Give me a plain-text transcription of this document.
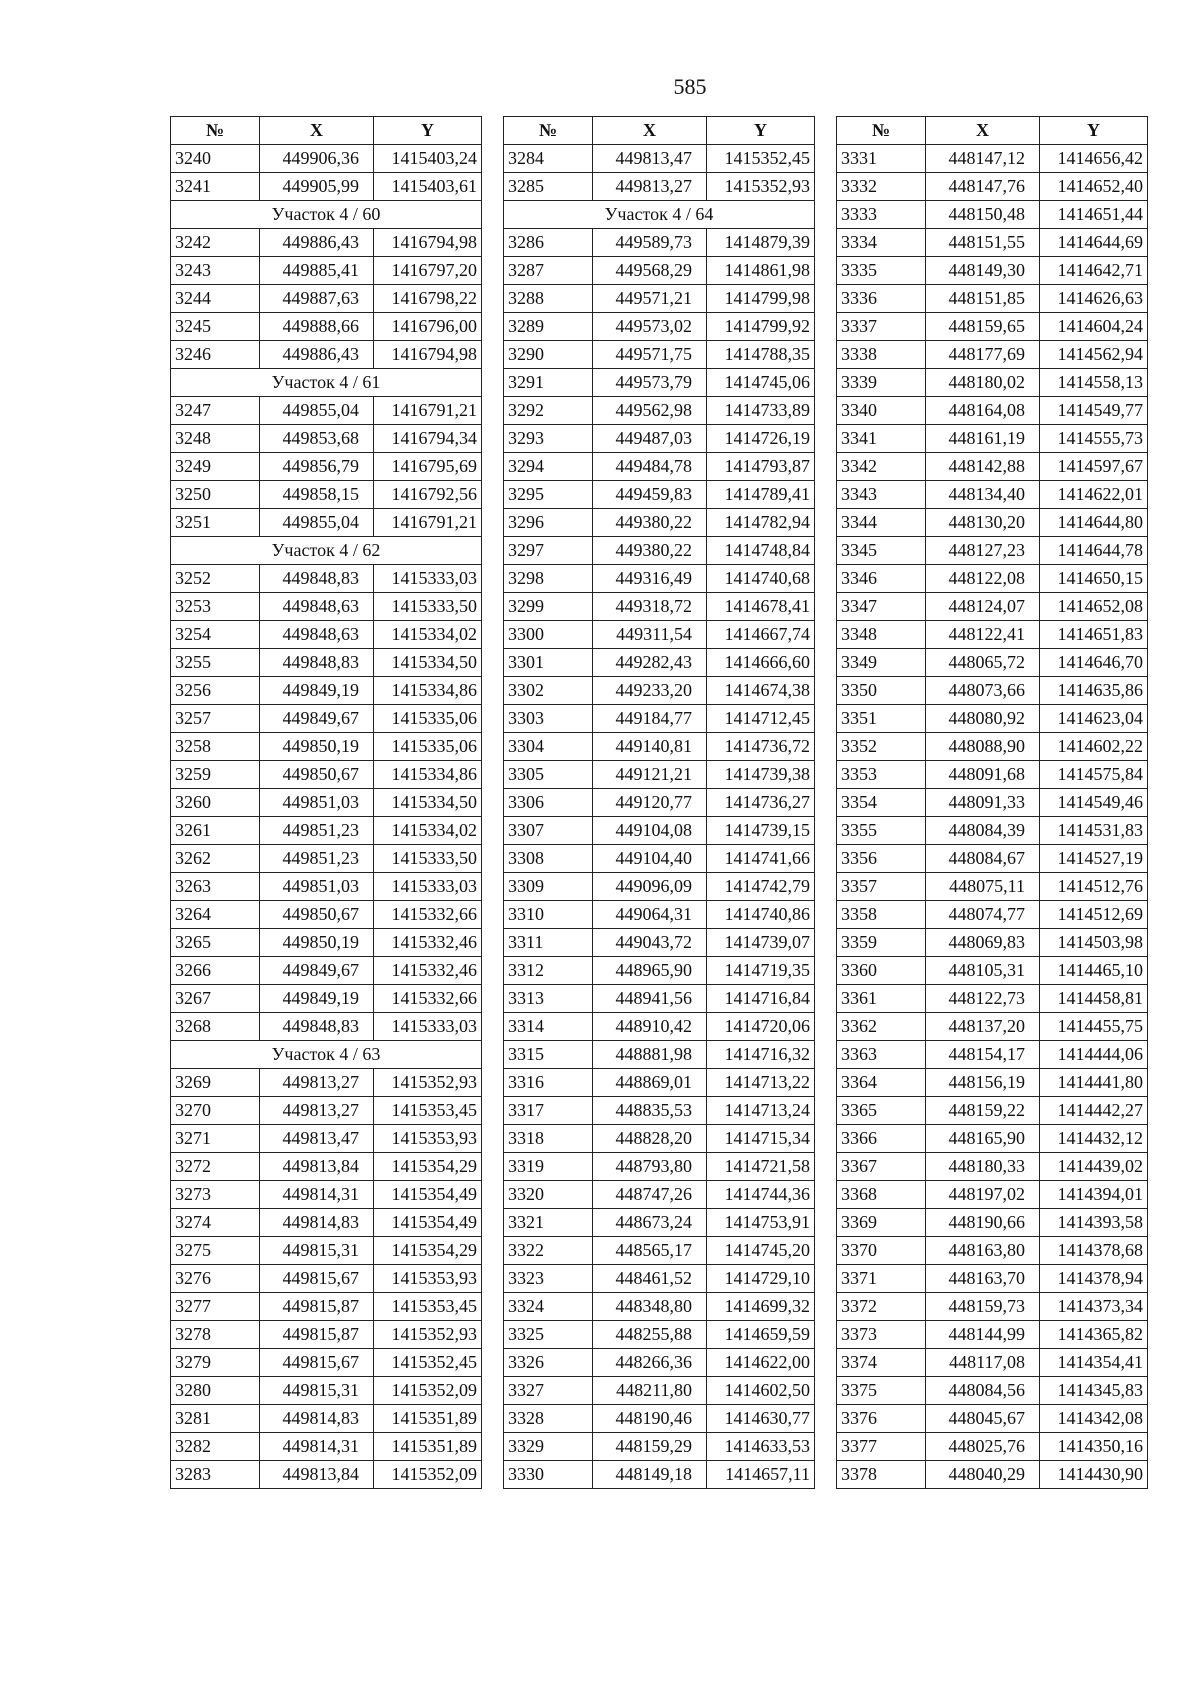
585
№	X	Y
3240	449906,36	1415403,24
3241	449905,99	1415403,61
Участок 4 / 60		
3242	449886,43	1416794,98
3243	449885,41	1416797,20
3244	449887,63	1416798,22
3245	449888,66	1416796,00
3246	449886,43	1416794,98
Участок 4 / 61		
3247	449855,04	1416791,21
3248	449853,68	1416794,34
3249	449856,79	1416795,69
3250	449858,15	1416792,56
3251	449855,04	1416791,21
Участок 4 / 62		
3252	449848,83	1415333,03
3253	449848,63	1415333,50
3254	449848,63	1415334,02
3255	449848,83	1415334,50
3256	449849,19	1415334,86
3257	449849,67	1415335,06
3258	449850,19	1415335,06
3259	449850,67	1415334,86
3260	449851,03	1415334,50
3261	449851,23	1415334,02
3262	449851,23	1415333,50
3263	449851,03	1415333,03
3264	449850,67	1415332,66
3265	449850,19	1415332,46
3266	449849,67	1415332,46
3267	449849,19	1415332,66
3268	449848,83	1415333,03
Участок 4 / 63		
3269	449813,27	1415352,93
3270	449813,27	1415353,45
3271	449813,47	1415353,93
3272	449813,84	1415354,29
3273	449814,31	1415354,49
3274	449814,83	1415354,49
3275	449815,31	1415354,29
3276	449815,67	1415353,93
3277	449815,87	1415353,45
3278	449815,87	1415352,93
3279	449815,67	1415352,45
3280	449815,31	1415352,09
3281	449814,83	1415351,89
3282	449814,31	1415351,89
3283	449813,84	1415352,09
№	X	Y
3284	449813,47	1415352,45
3285	449813,27	1415352,93
Участок 4 / 64		
3286	449589,73	1414879,39
3287	449568,29	1414861,98
3288	449571,21	1414799,98
3289	449573,02	1414799,92
3290	449571,75	1414788,35
3291	449573,79	1414745,06
3292	449562,98	1414733,89
3293	449487,03	1414726,19
3294	449484,78	1414793,87
3295	449459,83	1414789,41
3296	449380,22	1414782,94
3297	449380,22	1414748,84
3298	449316,49	1414740,68
3299	449318,72	1414678,41
3300	449311,54	1414667,74
3301	449282,43	1414666,60
3302	449233,20	1414674,38
3303	449184,77	1414712,45
3304	449140,81	1414736,72
3305	449121,21	1414739,38
3306	449120,77	1414736,27
3307	449104,08	1414739,15
3308	449104,40	1414741,66
3309	449096,09	1414742,79
3310	449064,31	1414740,86
3311	449043,72	1414739,07
3312	448965,90	1414719,35
3313	448941,56	1414716,84
3314	448910,42	1414720,06
3315	448881,98	1414716,32
3316	448869,01	1414713,22
3317	448835,53	1414713,24
3318	448828,20	1414715,34
3319	448793,80	1414721,58
3320	448747,26	1414744,36
3321	448673,24	1414753,91
3322	448565,17	1414745,20
3323	448461,52	1414729,10
3324	448348,80	1414699,32
3325	448255,88	1414659,59
3326	448266,36	1414622,00
3327	448211,80	1414602,50
3328	448190,46	1414630,77
3329	448159,29	1414633,53
3330	448149,18	1414657,11
№	X	Y
3331	448147,12	1414656,42
3332	448147,76	1414652,40
3333	448150,48	1414651,44
3334	448151,55	1414644,69
3335	448149,30	1414642,71
3336	448151,85	1414626,63
3337	448159,65	1414604,24
3338	448177,69	1414562,94
3339	448180,02	1414558,13
3340	448164,08	1414549,77
3341	448161,19	1414555,73
3342	448142,88	1414597,67
3343	448134,40	1414622,01
3344	448130,20	1414644,80
3345	448127,23	1414644,78
3346	448122,08	1414650,15
3347	448124,07	1414652,08
3348	448122,41	1414651,83
3349	448065,72	1414646,70
3350	448073,66	1414635,86
3351	448080,92	1414623,04
3352	448088,90	1414602,22
3353	448091,68	1414575,84
3354	448091,33	1414549,46
3355	448084,39	1414531,83
3356	448084,67	1414527,19
3357	448075,11	1414512,76
3358	448074,77	1414512,69
3359	448069,83	1414503,98
3360	448105,31	1414465,10
3361	448122,73	1414458,81
3362	448137,20	1414455,75
3363	448154,17	1414444,06
3364	448156,19	1414441,80
3365	448159,22	1414442,27
3366	448165,90	1414432,12
3367	448180,33	1414439,02
3368	448197,02	1414394,01
3369	448190,66	1414393,58
3370	448163,80	1414378,68
3371	448163,70	1414378,94
3372	448159,73	1414373,34
3373	448144,99	1414365,82
3374	448117,08	1414354,41
3375	448084,56	1414345,83
3376	448045,67	1414342,08
3377	448025,76	1414350,16
3378	448040,29	1414430,90
